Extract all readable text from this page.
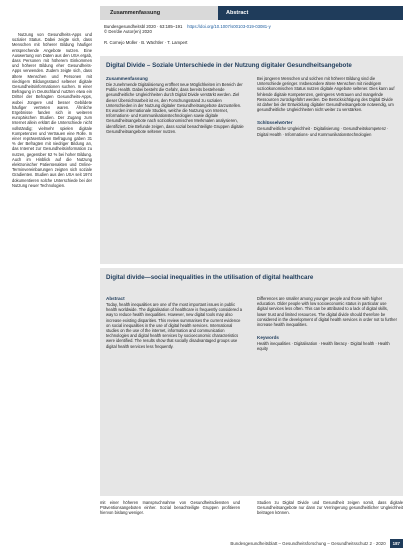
Nutzung von Gesundheits-Apps und sozialer Status. Dabei zeigte sich, dass Menschen mit höherer Bildung häufiger entsprechende Angebote nutzen. Eine Auswertung von Daten aus den USA ergab, dass Personen mit höherem Einkommen und höherer Bildung eher Gesundheits-Apps verwenden. Zudem zeigte sich, dass ältere Menschen und Personen mit niedrigem Bildungsstand seltener digitale Gesundheitsinformationen suchen. In einer Befragung in Deutschland nutzten etwa ein Drittel der Befragten Gesundheits-Apps, wobei Jüngere und besser Gebildete häufiger vertreten waren. Ähnliche Ergebnisse fanden sich in weiteren europäischen Studien. Der Zugang zum Internet allein erklärt die Unterschiede nicht vollständig; vielmehr spielen digitale Kompetenzen und Vertrauen eine Rolle. In einer repräsentativen Befragung gaben 31 % der Befragten mit niedriger Bildung an, das Internet zur Gesundheitsinformation zu nutzen, gegenüber 62 % bei hoher Bildung. Auch im Hinblick auf die Nutzung elektronischer Patientenakten und Online-Terminvereinbarungen zeigten sich soziale Gradienten. Studien aus den USA seit 1974 dokumentieren solche Unterschiede bei der Nutzung neuer Technologien.

Zusammenfassung	Abstract
Bundesgesundheitsbl 2020 · 63:185–191 https://doi.org/10.1007/s00103-019-03081-y
© Der/die Autor(en) 2020
R. Cornejo Müller · B. Wächtler · T. Lampert
Digital Divide – Soziale Unterschiede in der Nutzung digitaler Gesundheitsangebote
Zusammenfassung

Die zunehmende Digitalisierung eröffnet neue Möglichkeiten im Bereich der Public Health. Dabei besteht die Gefahr, dass bereits bestehende gesundheitliche Ungleichheiten durch Digital Divide verstärkt werden. Ziel dieser Übersichtsarbeit ist es, den Forschungsstand zu sozialen Unterschieden in der Nutzung digitaler Gesundheitsangebote darzustellen. Es wurden internationale Studien, welche die Nutzung von Internet, Informations- und Kommunikationstechnologien sowie digitale Gesundheitsangebote nach sozioökonomischen Merkmalen analysieren, identifiziert. Die Befunde zeigen, dass sozial benachteiligte Gruppen digitale Gesundheitsangebote seltener nutzen.

Bei jüngeren Menschen und solchen mit höherer Bildung sind die Unterschiede geringer. Insbesondere ältere Menschen mit niedrigem sozioökonomischen Status nutzen digitale Angebote seltener. Dies kann auf fehlende digitale Kompetenzen, geringeres Vertrauen und mangelnde Ressourcen zurückgeführt werden. Die Berücksichtigung des Digital Divide ist daher bei der Entwicklung digitaler Gesundheitsangebote notwendig, um gesundheitliche Ungleichheiten nicht weiter zu verstärken.

Schlüsselwörter

Gesundheitliche Ungleichheit · Digitalisierung · Gesundheitskompetenz · Digital Health · Informations- und Kommunikationstechnologien

Digital divide—social inequalities in the utilisation of digital healthcare
Abstract

Today, health inequalities are one of the most important issues in public health worldwide. The digitalisation of healthcare is frequently considered a way to reduce health inequalities. However, new digital tools may also increase existing disparities. This review summarises the current evidence on social inequalities in the use of digital health services. International studies on the use of the internet, information and communication technologies and digital health services by socioeconomic characteristics were identified. The results show that socially disadvantaged groups use digital health services less frequently.

Differences are smaller among younger people and those with higher education. Older people with low socioeconomic status in particular use digital services less often. This can be attributed to a lack of digital skills, lower trust and limited resources. The digital divide should therefore be considered in the development of digital health services in order not to further increase health inequalities.

Keywords

Health inequalities · Digitalisation · Health literacy · Digital health · Health equity

mit einer höheren Inanspruchnahme von Gesundheitsdiensten und Präventionsangeboten einher. Sozial benachteiligte Gruppen profitieren hiervon bislang weniger.
Studien zu Digital Divide und Gesundheit zeigen somit, dass digitale Gesundheitsangebote nur dann zur Verringerung gesundheitlicher Ungleichheit beitragen können.
Bundesgesundheitsblatt – Gesundheitsforschung – Gesundheitsschutz 2 · 2020 187
